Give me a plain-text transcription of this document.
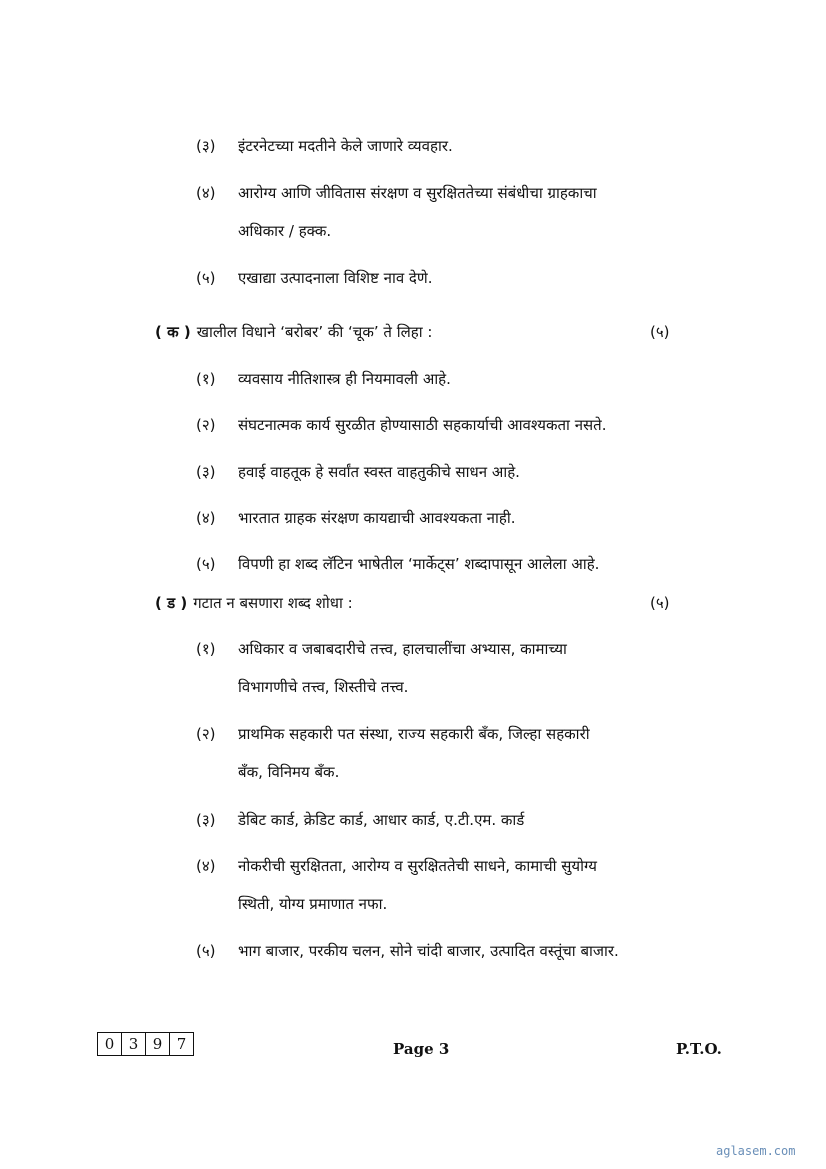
(३) इंटरनेटच्या मदतीने केले जाणारे व्यवहार.
(४) आरोग्य आणि जीवितास संरक्षण व सुरक्षिततेच्या संबंधीचा ग्राहकाचा
अधिकार / हक्क.
(५) एखाद्या उत्पादनाला विशिष्ट नाव देणे.
( क ) खालील विधाने ‘बरोबर’ की ‘चूक’ ते लिहा :	(५)
(१) व्यवसाय नीतिशास्त्र ही नियमावली आहे.
(२) संघटनात्मक कार्य सुरळीत होण्यासाठी सहकार्याची आवश्यकता नसते.
(३) हवाई वाहतूक हे सर्वांत स्वस्त वाहतुकीचे साधन आहे.
(४) भारतात ग्राहक संरक्षण कायद्याची आवश्यकता नाही.
(५) विपणी हा शब्द लॅटिन भाषेतील ‘मार्केट्स’ शब्दापासून आलेला आहे.
( ड ) गटात न बसणारा शब्द शोधा :	(५)
(१) अधिकार व जबाबदारीचे तत्त्व, हालचालींचा अभ्यास, कामाच्या
विभागणीचे तत्त्व, शिस्तीचे तत्त्व.
(२) प्राथमिक सहकारी पत संस्था, राज्य सहकारी बँक, जिल्हा सहकारी
बँक, विनिमय बँक.
(३) डेबिट कार्ड, क्रेडिट कार्ड, आधार कार्ड, ए.टी.एम. कार्ड
(४) नोकरीची सुरक्षितता, आरोग्य व सुरक्षिततेची साधने, कामाची सुयोग्य
स्थिती, योग्य प्रमाणात नफा.
(५) भाग बाजार, परकीय चलन, सोने चांदी बाजार, उत्पादित वस्तूंचा बाजार.
0 3 9 7	Page 3	P.T.O.
aglasem.com
